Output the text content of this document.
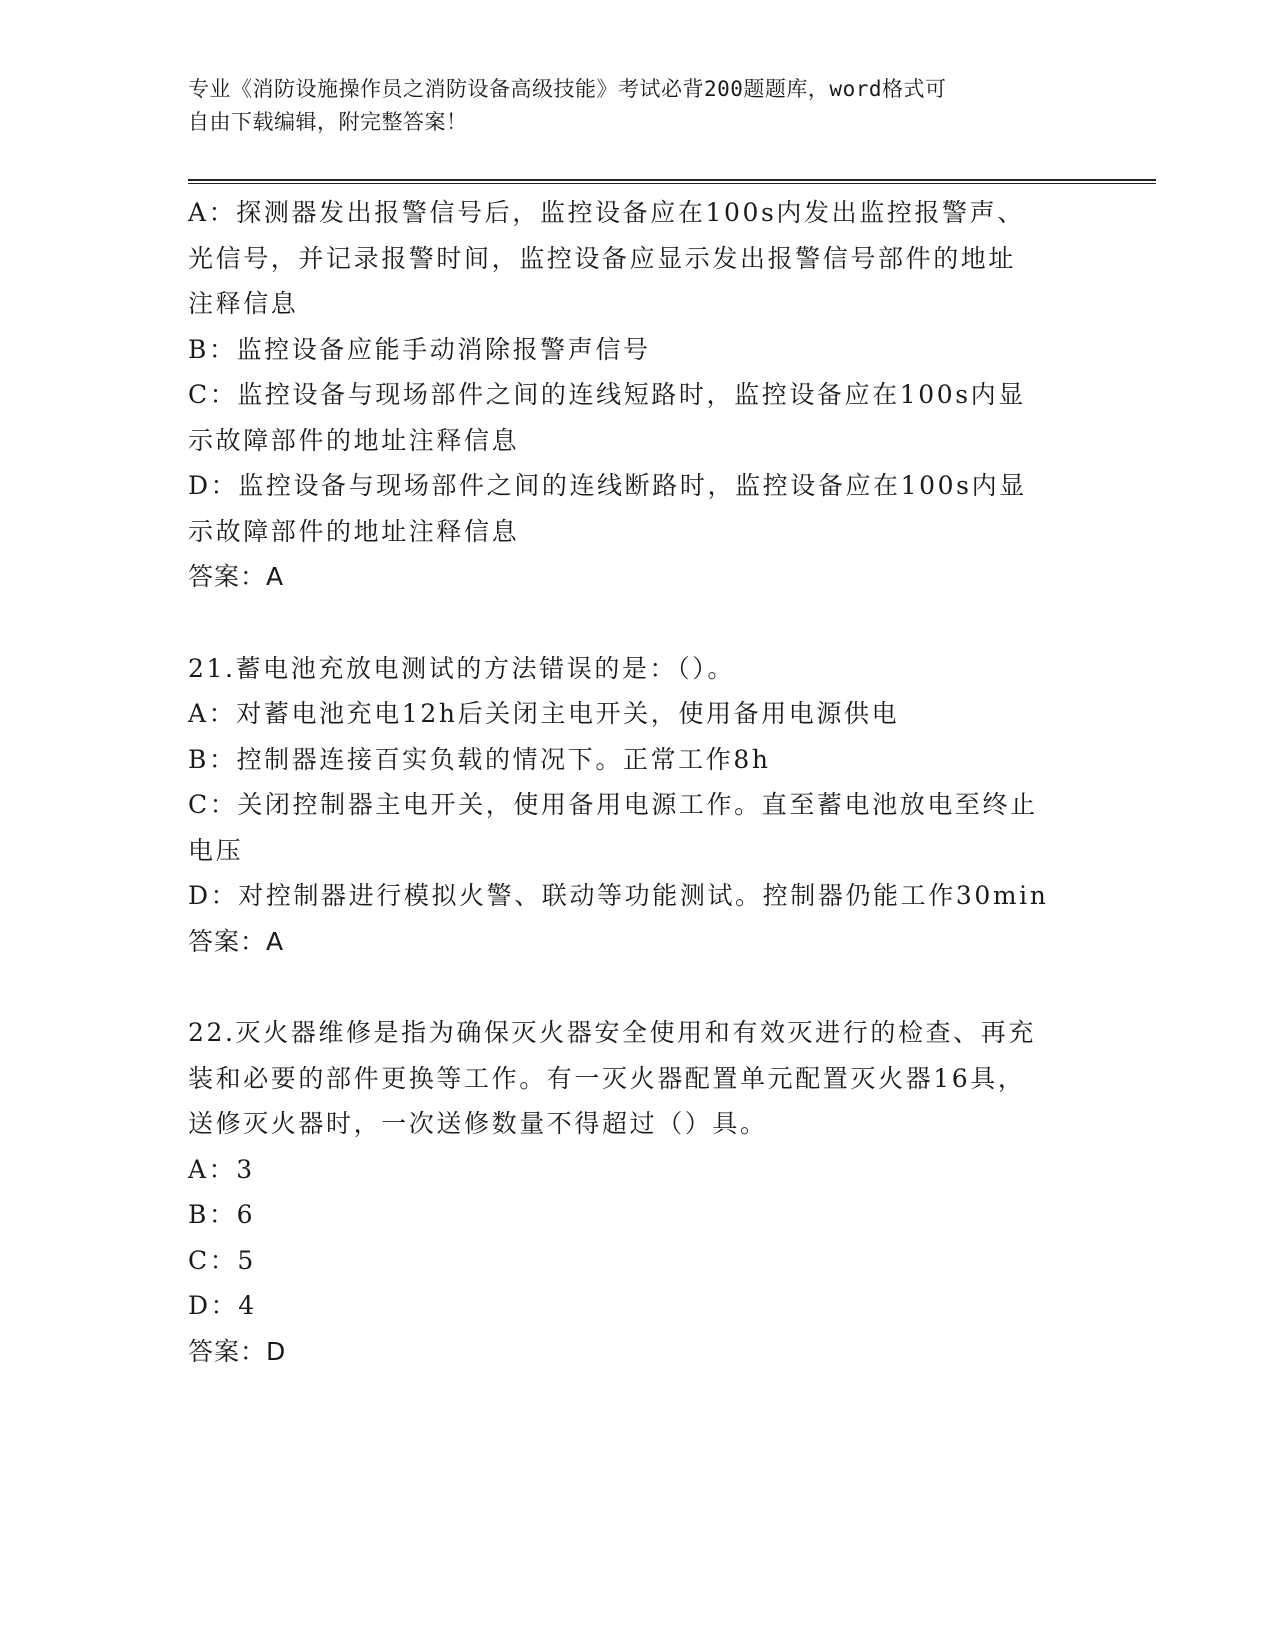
专业《消防设施操作员之消防设备高级技能》考试必背200题题库，word格式可
自由下载编辑，附完整答案！
A：探测器发出报警信号后，监控设备应在100s内发出监控报警声、
光信号，并记录报警时间，监控设备应显示发出报警信号部件的地址
注释信息
B：监控设备应能手动消除报警声信号
C：监控设备与现场部件之间的连线短路时，监控设备应在100s内显
示故障部件的地址注释信息
D：监控设备与现场部件之间的连线断路时，监控设备应在100s内显
示故障部件的地址注释信息
答案：A
21.蓄电池充放电测试的方法错误的是：（）。
A：对蓄电池充电12h后关闭主电开关，使用备用电源供电
B：控制器连接百实负载的情况下。正常工作8h
C：关闭控制器主电开关，使用备用电源工作。直至蓄电池放电至终止
电压
D：对控制器进行模拟火警、联动等功能测试。控制器仍能工作30min
答案：A
22.灭火器维修是指为确保灭火器安全使用和有效灭进行的检查、再充
装和必要的部件更换等工作。有一灭火器配置单元配置灭火器16具，
送修灭火器时，一次送修数量不得超过（）具。
A：3
B：6
C：5
D：4
答案：D
